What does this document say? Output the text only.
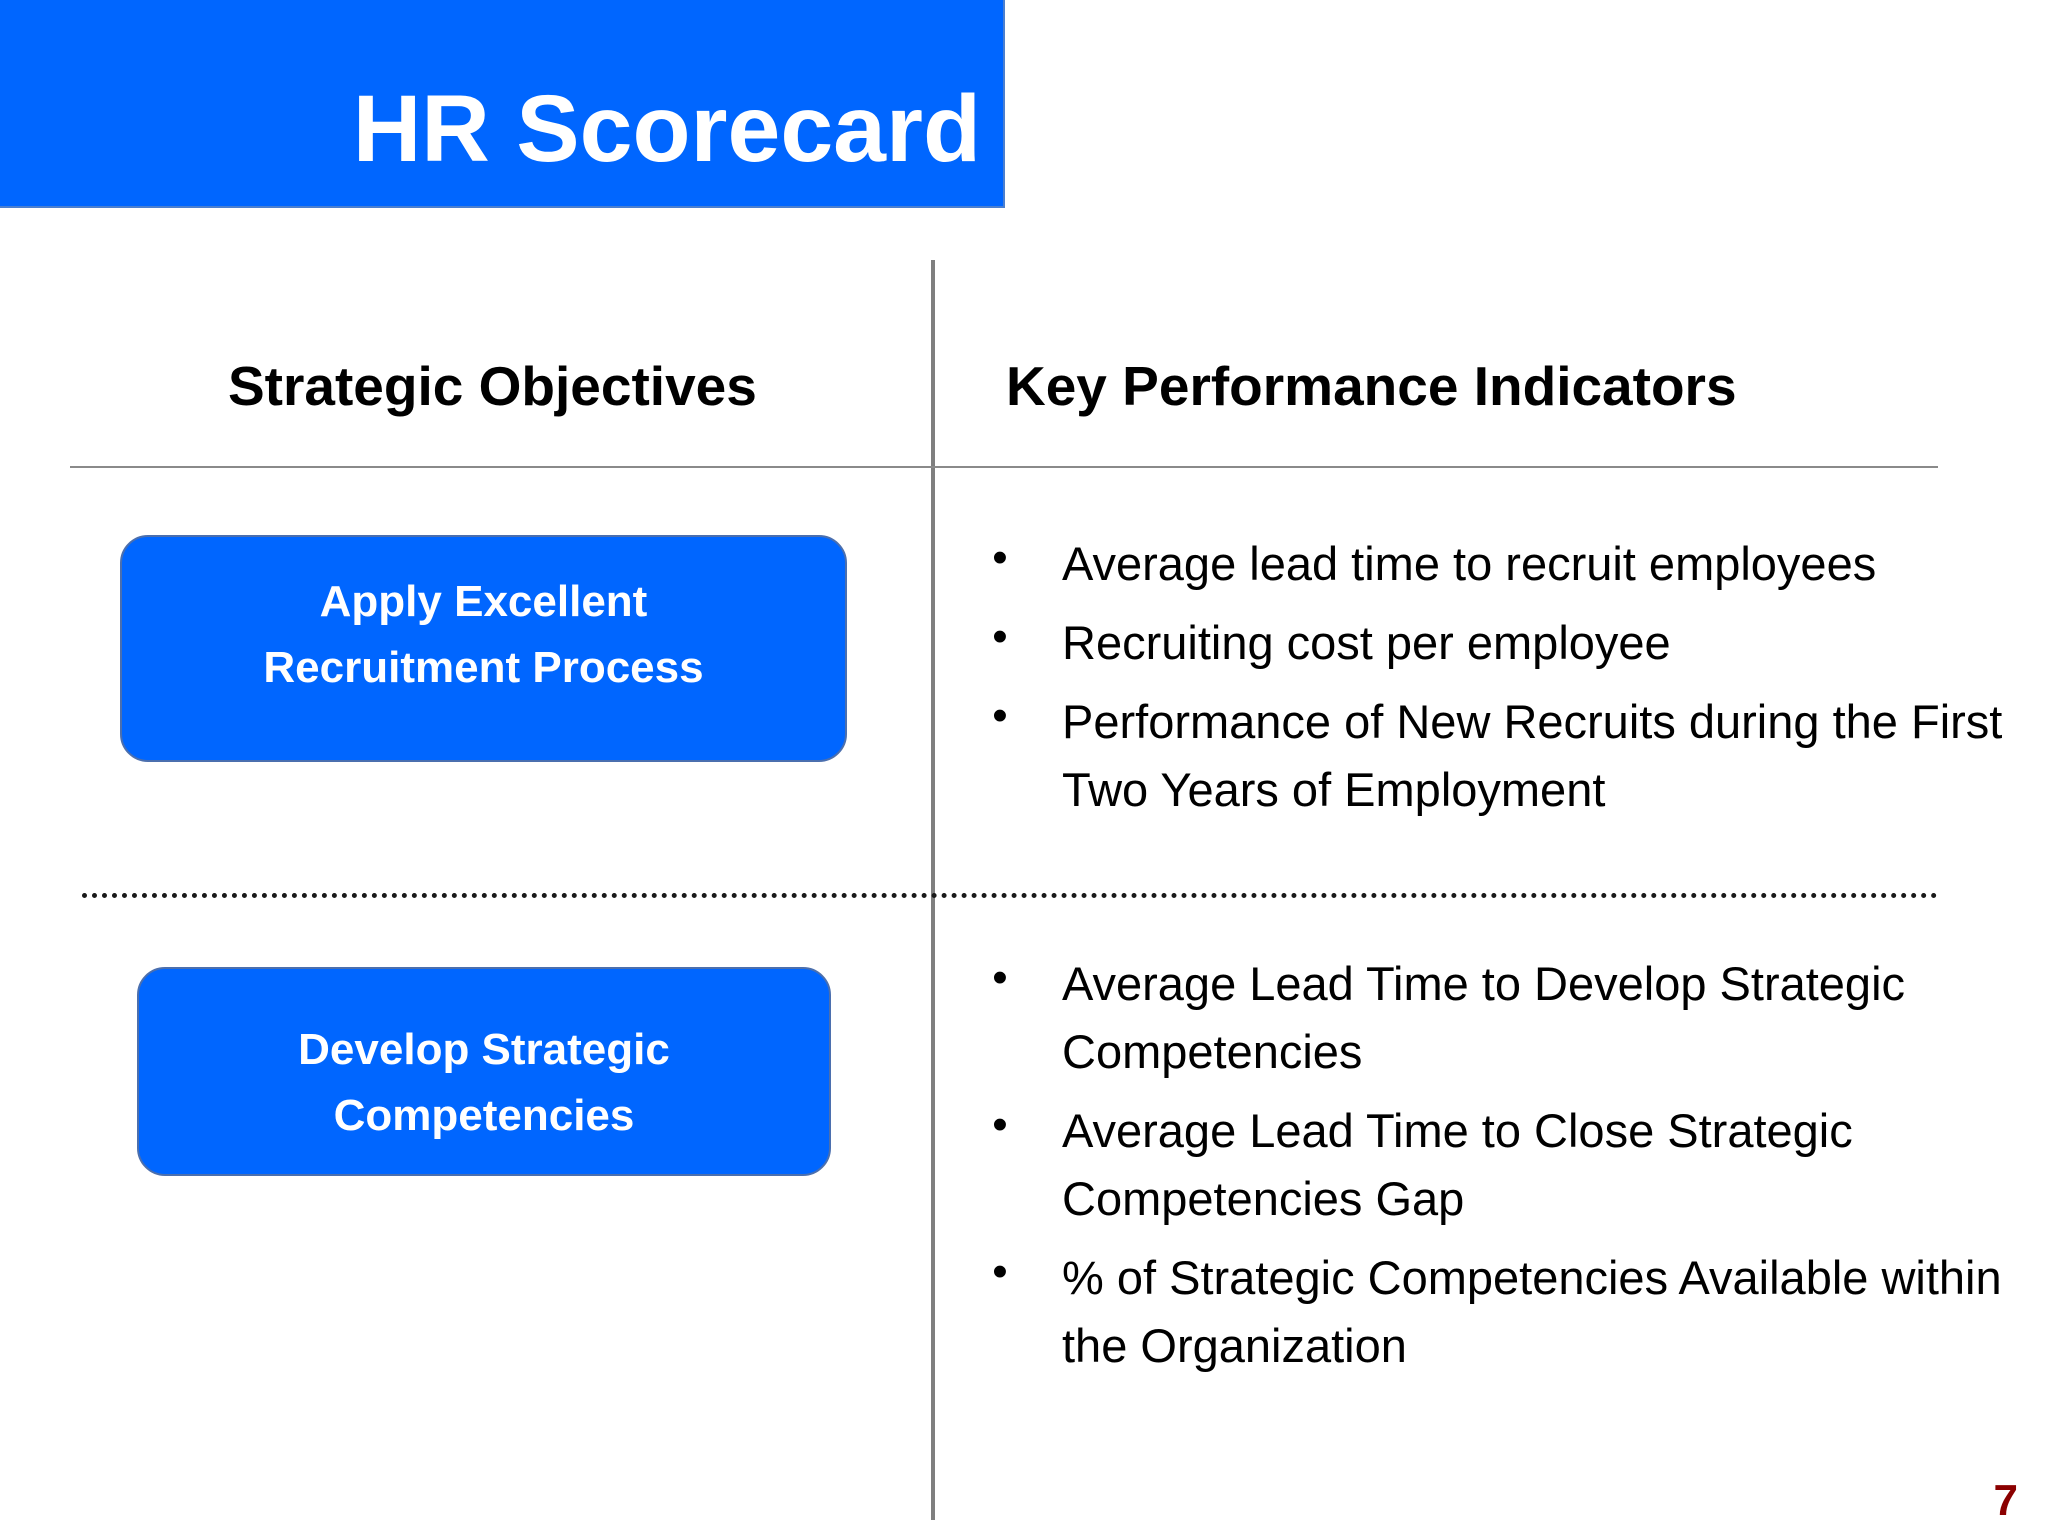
HR Scorecard
Strategic Objectives	Key Performance Indicators
Apply Excellent
Recruitment Process
• Average lead time to recruit employees
• Recruiting cost per employee
• Performance of New Recruits during the First Two Years of Employment
Develop Strategic
Competencies
• Average Lead Time to Develop Strategic Competencies
• Average Lead Time to Close Strategic Competencies Gap
• % of Strategic Competencies Available within the Organization
7
